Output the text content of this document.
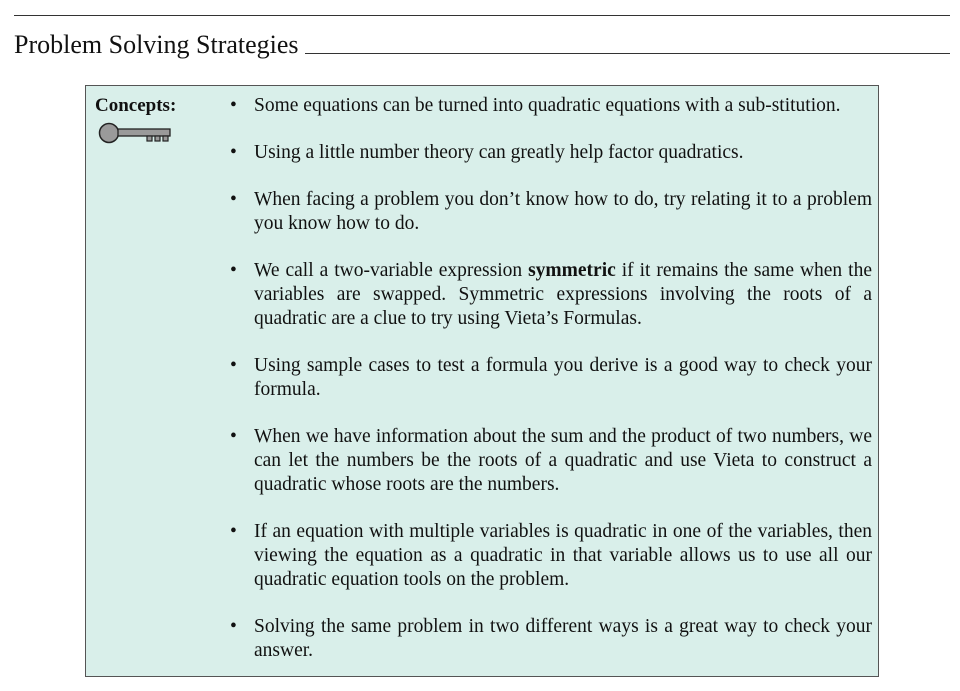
Problem Solving Strategies
Concepts:	• Some equations can be turned into quadratic equations with a sub-stitution.
• Using a little number theory can greatly help factor quadratics.
• When facing a problem you don’t know how to do, try relating it to a problem you know how to do.
• We call a two-variable expression symmetric if it remains the same when the variables are swapped. Symmetric expressions involving the roots of a quadratic are a clue to try using Vieta’s Formulas.
• Using sample cases to test a formula you derive is a good way to check your formula.
• When we have information about the sum and the product of two numbers, we can let the numbers be the roots of a quadratic and use Vieta to construct a quadratic whose roots are the numbers.
• If an equation with multiple variables is quadratic in one of the variables, then viewing the equation as a quadratic in that variable allows us to use all our quadratic equation tools on the problem.
• Solving the same problem in two different ways is a great way to check your answer.
